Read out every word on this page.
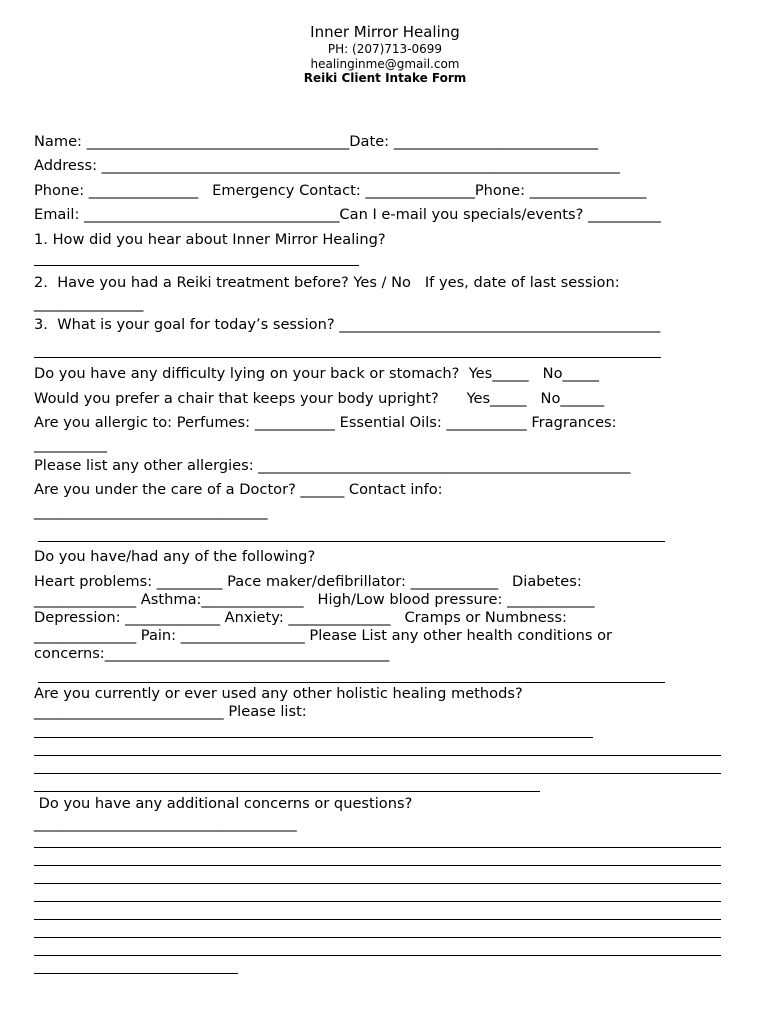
Inner Mirror Healing
PH: (207)713-0699
healinginme@gmail.com
Reiki Client Intake Form
Name: ____________________________________Date: ____________________________
Address: _______________________________________________________________________
Phone: _______________   Emergency Contact: _______________Phone: ________________
Email: ___________________________________Can I e-mail you specials/events? __________
1. How did you hear about Inner Mirror Healing?
2.  Have you had a Reiki treatment before? Yes / No   If yes, date of last session:
_______________
3.  What is your goal for today’s session? ____________________________________________
Do you have any difficulty lying on your back or stomach?  Yes_____   No_____
Would you prefer a chair that keeps your body upright?      Yes_____   No______
Are you allergic to: Perfumes: ___________ Essential Oils: ___________ Fragrances:
__________
Please list any other allergies: ___________________________________________________
Are you under the care of a Doctor? ______ Contact info:
________________________________
Do you have/had any of the following?
Heart problems: _________ Pace maker/defibrillator: ____________   Diabetes:
______________ Asthma:______________   High/Low blood pressure: ____________
Depression: _____________ Anxiety: ______________   Cramps or Numbness:
______________ Pain: _________________ Please List any other health conditions or
concerns:_______________________________________
Are you currently or ever used any other holistic healing methods?
__________________________ Please list:
Do you have any additional concerns or questions?
____________________________________
